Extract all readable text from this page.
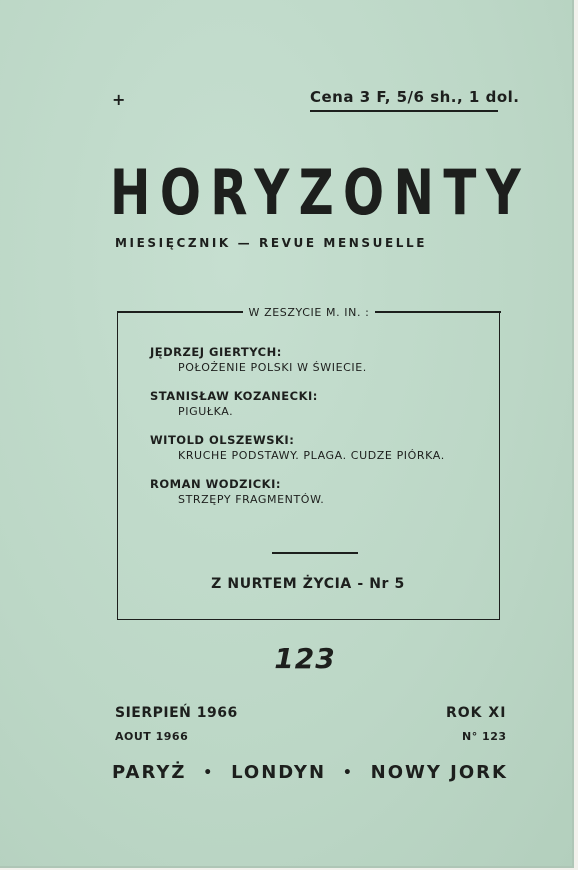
+	Cena 3 F, 5/6 sh., 1 dol.
HORYZONTY
MIESIĘCZNIK — REVUE MENSUELLE
W ZESZYCIE M. IN. :
JĘDRZEJ GIERTYCH:
POŁOŻENIE POLSKI W ŚWIECIE.
STANISŁAW KOZANECKI:
PIGUŁKA.
WITOLD OLSZEWSKI:
KRUCHE PODSTAWY. PLAGA. CUDZE PIÓRKA.
ROMAN WODZICKI:
STRZĘPY FRAGMENTÓW.
Z NURTEM ŻYCIA - Nr 5
123
SIERPIEŃ 1966
AOUT 1966
ROK XI
N° 123
PARYŻ • LONDYN • NOWY JORK
